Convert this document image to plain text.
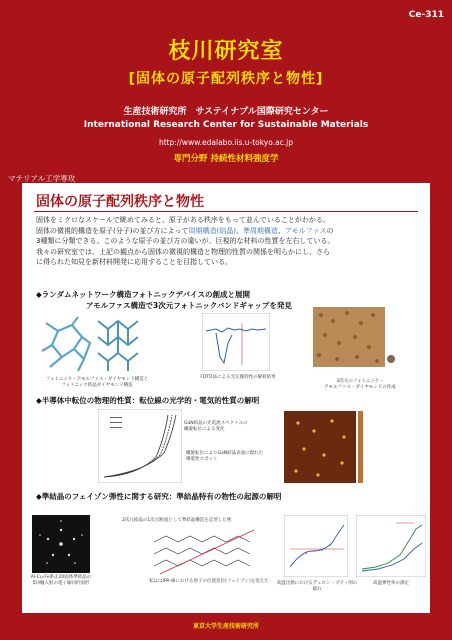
Ce-311
枝川研究室
[固体の原子配列秩序と物性]
生産技術研究所　サステイナブル国際研究センター
International Research Center for Sustainable Materials
http://www.edalabo.iis.u-tokyo.ac.jp
専門分野 持続性材料強度学
マテリアル工学専攻
固体の原子配列秩序と物性
固体をミクロなスケールで眺めてみると、原子がある秩序をもって並んでいることがわかる。
固体の微視的構造を原子(分子)の並び方によって周期構造(結晶)、準周期構造、アモルファスの
3種類に分類できる。このような原子の並び方の違いが、巨視的な材料の性質を左右している。
我々の研究室では、上記の観点から固体の微視的構造と物理的性質の関係を明らかにし、さら
に得られた知見を新材料開発に応用することを目指している。
◆ランダムネットワーク構造フォトニックデバイスの創成と展開
アモルファス構造で3次元フォトニックバンドギャップを発見
フォトニック・アモルファス・ダイヤモンド構造と
フォトニック結晶ダイヤモンド構造
FDTD法による光伝搬特性の解析結果
3次元のフォトニック・
アモルファス・ダイヤモンドの作成
◆半導体中転位の物理的性質：転位線の光学的・電気的性質の解明
GaN結晶の光電流スペクトルの
螺旋転位による変化
螺旋転位によりGaN結晶表面に現れた
導電性スポット
◆準結晶のフェイゾン弾性に関する研究：準結晶特有の物性の起源の解明
Al-Cu-Fe系正20面体準結晶の
5回軸入射の電子線回折図形
2次元結晶の1次元断面として準結晶構造を記述した例
私ははIPA-線における原子の位置変位(フェイゾン)を変えた	高温比熱におけるデュロン・プティ則の破れ
高温弾性率の測定
東京大学生産技術研究所
